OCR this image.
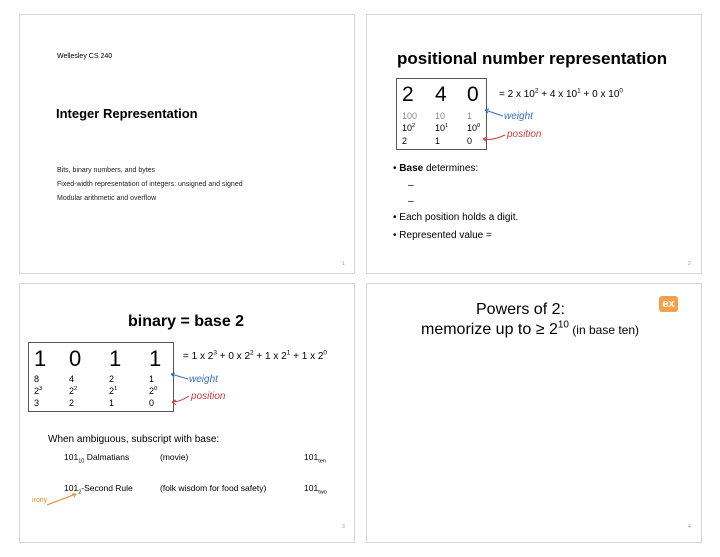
Wellesley CS 240
Integer Representation
Bits, binary numbers, and bytes
Fixed-width representation of integers: unsigned and signed
Modular arithmetic and overflow
1
positional number representation
2 4 0
100 10 1
$10^2$ $10^1$ $10^0$
2	1	0
= 2 x $10^2 + 4$ x $10^1 + 0$ x $10^0$
weight
position
• Base determines:
–
–
• Each position holds a digit.
• Represented value =
2
binary = base 2
1 0 1 1
8	4	2	1
$2^3$	$2^2$	$2^1$	$2^0$
3	2	1	0
= 1 x $2^3 + 0$ x $2^2 + 1$ x $2^1 + 1$ x $2^0$
weight
position
When ambiguous, subscript with base:
$101_{10}$ Dalmatians	(movie)	$101_{ten}$
$101_2$-Second Rule	(folk wisdom for food safety)	$101_{two}$
irony
3
ex
Powers of 2:
memorize up to ≥ $2^{10}$ (in base ten)
4
